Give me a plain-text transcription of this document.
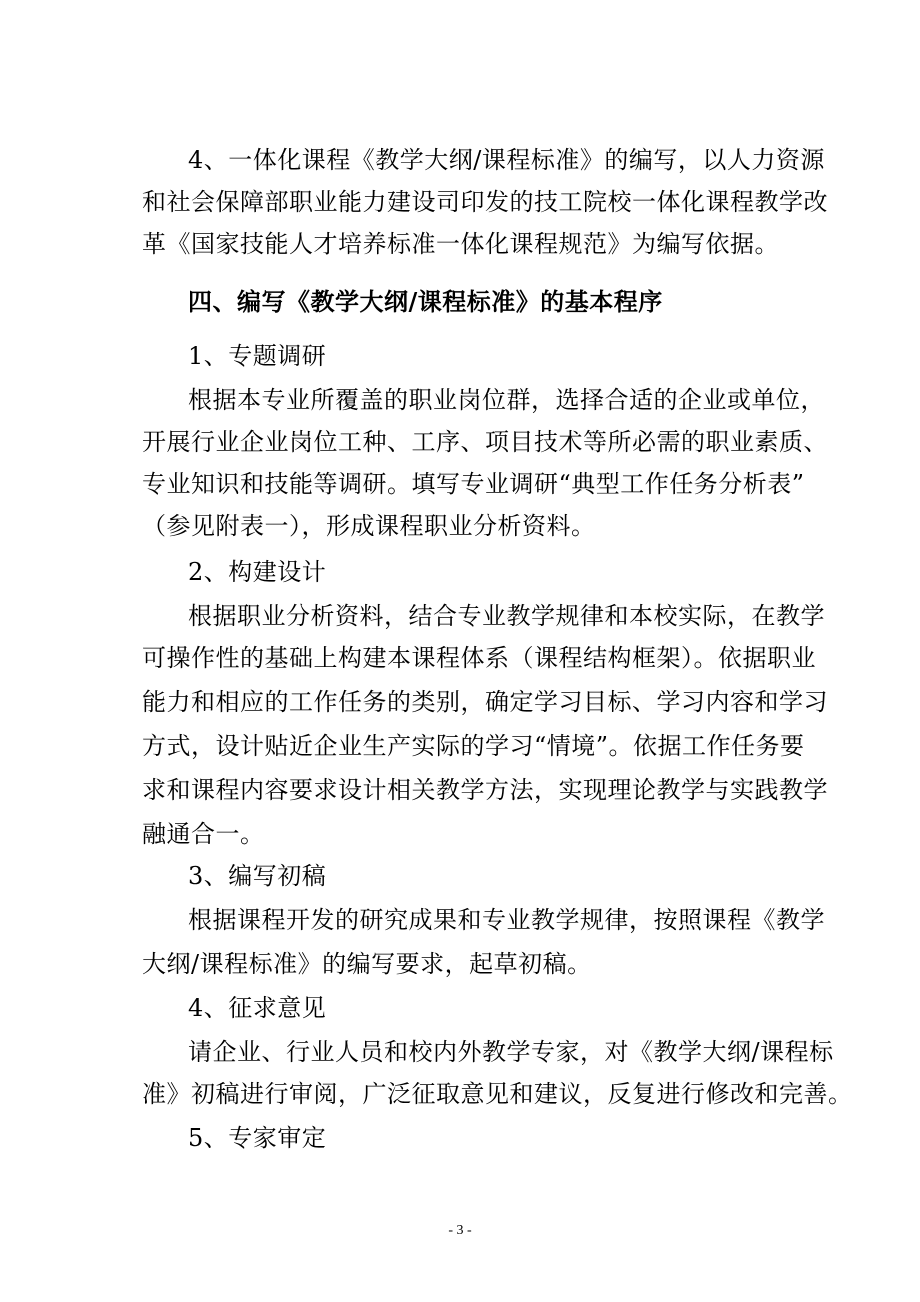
4、一体化课程《教学大纲/课程标准》的编写，以人力资源
和社会保障部职业能力建设司印发的技工院校一体化课程教学改
革《国家技能人才培养标准一体化课程规范》为编写依据。
四、编写《教学大纲/课程标准》的基本程序
1、专题调研
根据本专业所覆盖的职业岗位群，选择合适的企业或单位，
开展行业企业岗位工种、工序、项目技术等所必需的职业素质、
专业知识和技能等调研。填写专业调研“典型工作任务分析表”
（参见附表一），形成课程职业分析资料。
2、构建设计
根据职业分析资料，结合专业教学规律和本校实际，在教学
可操作性的基础上构建本课程体系（课程结构框架）。依据职业
能力和相应的工作任务的类别，确定学习目标、学习内容和学习
方式，设计贴近企业生产实际的学习“情境”。依据工作任务要
求和课程内容要求设计相关教学方法，实现理论教学与实践教学
融通合一。
3、编写初稿
根据课程开发的研究成果和专业教学规律，按照课程《教学
大纲/课程标准》的编写要求，起草初稿。
4、征求意见
请企业、行业人员和校内外教学专家，对《教学大纲/课程标
准》初稿进行审阅，广泛征取意见和建议，反复进行修改和完善。
5、专家审定
- 3 -
